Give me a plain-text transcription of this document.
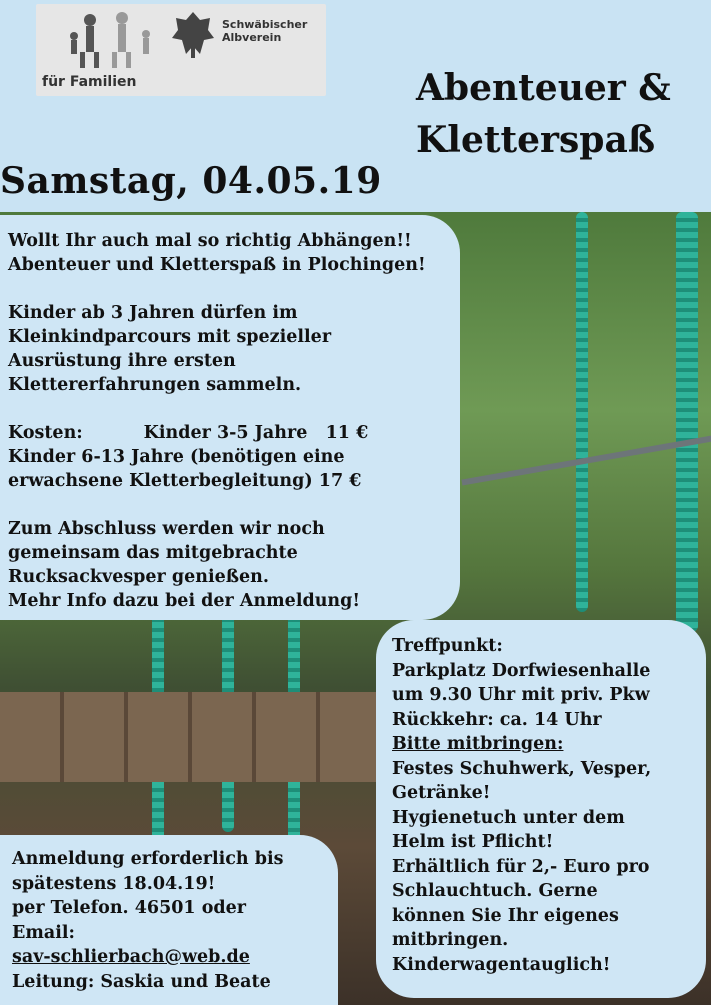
Schwäbischer Albverein
für Familien	Abenteuer &
Kletterspaß
Samstag, 04.05.19
Wollt Ihr auch mal so richtig Abhängen!!
Abenteuer und Kletterspaß in Plochingen!
Kinder ab 3 Jahren dürfen im
Kleinkindparcours mit spezieller
Ausrüstung ihre ersten
Klettererfahrungen sammeln.
Kosten:          Kinder 3-5 Jahre   11 €
Kinder 6-13 Jahre (benötigen eine
erwachsene Kletterbegleitung) 17 €
Zum Abschluss werden wir noch
gemeinsam das mitgebrachte
Rucksackvesper genießen.
Mehr Info dazu bei der Anmeldung!
Treffpunkt:
Parkplatz Dorfwiesenhalle
um 9.30 Uhr mit priv. Pkw
Rückkehr: ca. 14 Uhr
Bitte mitbringen:
Festes Schuhwerk, Vesper,
Getränke!
Hygienetuch unter dem
Helm ist Pflicht!
Erhältlich für 2,- Euro pro
Schlauchtuch. Gerne
können Sie Ihr eigenes
mitbringen.
Kinderwagentauglich!
Anmeldung erforderlich bis
spätestens 18.04.19!
per Telefon. 46501 oder
Email:
sav-schlierbach@web.de
Leitung: Saskia und Beate
